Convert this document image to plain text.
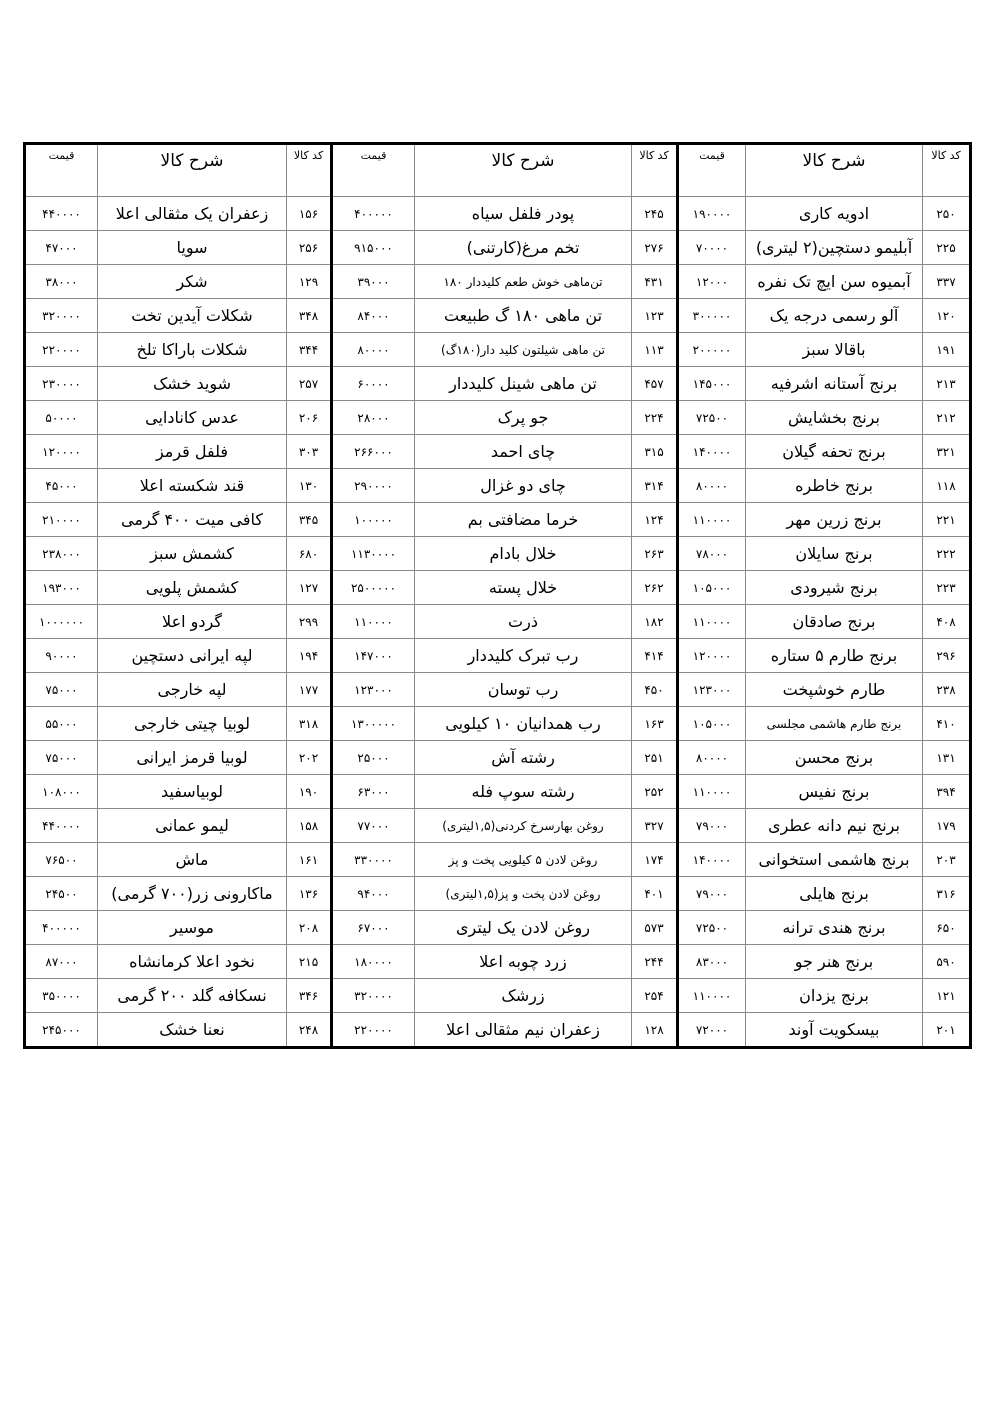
کد کالا	شرح کالا	قیمت	کد کالا	شرح کالا	قیمت	کد کالا	شرح کالا	قیمت
۲۵۰	ادویه کاری	۱۹۰۰۰۰	۲۴۵	پودر فلفل سیاه	۴۰۰۰۰۰	۱۵۶	زعفران یک مثقالی اعلا	۴۴۰۰۰۰
۲۲۵	آبلیمو دستچین(۲ لیتری)	۷۰۰۰۰	۲۷۶	تخم مرغ(کارتنی)	۹۱۵۰۰۰	۲۵۶	سویا	۴۷۰۰۰
۳۳۷	آبمیوه سن ایچ تک نفره	۱۲۰۰۰	۴۳۱	تن‌ماهی خوش طعم کلیددار ۱۸۰	۳۹۰۰۰	۱۲۹	شکر	۳۸۰۰۰
۱۲۰	آلو رسمی درجه یک	۳۰۰۰۰۰	۱۲۳	تن ماهی ۱۸۰ گ طبیعت	۸۴۰۰۰	۳۴۸	شکلات آیدین تخت	۳۲۰۰۰۰
۱۹۱	باقالا سبز	۲۰۰۰۰۰	۱۱۳	تن ماهی شیلتون کلید دار(۱۸۰گ)	۸۰۰۰۰	۳۴۴	شکلات باراکا تلخ	۲۲۰۰۰۰
۲۱۳	برنج آستانه اشرفیه	۱۴۵۰۰۰	۴۵۷	تن ماهی شینل کلیددار	۶۰۰۰۰	۲۵۷	شوید خشک	۲۳۰۰۰۰
۲۱۲	برنج بخشایش	۷۲۵۰۰	۲۲۴	جو پرک	۲۸۰۰۰	۲۰۶	عدس کانادایی	۵۰۰۰۰
۳۲۱	برنج تحفه گیلان	۱۴۰۰۰۰	۳۱۵	چای احمد	۲۶۶۰۰۰	۳۰۳	فلفل قرمز	۱۲۰۰۰۰
۱۱۸	برنج خاطره	۸۰۰۰۰	۳۱۴	چای دو غزال	۲۹۰۰۰۰	۱۳۰	قند شکسته اعلا	۴۵۰۰۰
۲۲۱	برنج زرین مهر	۱۱۰۰۰۰	۱۲۴	خرما مضافتی بم	۱۰۰۰۰۰	۳۴۵	کافی میت ۴۰۰ گرمی	۲۱۰۰۰۰
۲۲۲	برنج سایلان	۷۸۰۰۰	۲۶۳	خلال بادام	۱۱۳۰۰۰۰	۶۸۰	کشمش سبز	۲۳۸۰۰۰
۲۲۳	برنج شیرودی	۱۰۵۰۰۰	۲۶۲	خلال پسته	۲۵۰۰۰۰۰	۱۲۷	کشمش پلویی	۱۹۳۰۰۰
۴۰۸	برنج صادقان	۱۱۰۰۰۰	۱۸۲	ذرت	۱۱۰۰۰۰	۲۹۹	گردو اعلا	۱۰۰۰۰۰۰
۲۹۶	برنج طارم ۵ ستاره	۱۲۰۰۰۰	۴۱۴	رب تبرک کلیددار	۱۴۷۰۰۰	۱۹۴	لپه ایرانی دستچین	۹۰۰۰۰
۲۳۸	طارم خوشپخت	۱۲۳۰۰۰	۴۵۰	رب توسان	۱۲۳۰۰۰	۱۷۷	لپه خارجی	۷۵۰۰۰
۴۱۰	برنج طارم هاشمی مجلسی	۱۰۵۰۰۰	۱۶۳	رب همدانیان ۱۰ کیلویی	۱۳۰۰۰۰۰	۳۱۸	لوبیا چیتی خارجی	۵۵۰۰۰
۱۳۱	برنج محسن	۸۰۰۰۰	۲۵۱	رشته آش	۲۵۰۰۰	۲۰۲	لوبیا قرمز ایرانی	۷۵۰۰۰
۳۹۴	برنج نفیس	۱۱۰۰۰۰	۲۵۲	رشته سوپ فله	۶۳۰۰۰	۱۹۰	لوبیاسفید	۱۰۸۰۰۰
۱۷۹	برنج نیم دانه عطری	۷۹۰۰۰	۳۲۷	روغن بهارسرخ کردنی(۱,۵لیتری)	۷۷۰۰۰	۱۵۸	لیمو عمانی	۴۴۰۰۰۰
۲۰۳	برنج هاشمی استخوانی	۱۴۰۰۰۰	۱۷۴	روغن لادن ۵ کیلویی پخت و پز	۳۳۰۰۰۰	۱۶۱	ماش	۷۶۵۰۰
۳۱۶	برنج هایلی	۷۹۰۰۰	۴۰۱	روغن لادن پخت و پز(۱,۵لیتری)	۹۴۰۰۰	۱۳۶	ماکارونی زر(۷۰۰ گرمی)	۲۴۵۰۰
۶۵۰	برنج هندی ترانه	۷۲۵۰۰	۵۷۳	روغن لادن یک لیتری	۶۷۰۰۰	۲۰۸	موسیر	۴۰۰۰۰۰
۵۹۰	برنج هنر جو	۸۳۰۰۰	۲۴۴	زرد چوبه اعلا	۱۸۰۰۰۰	۲۱۵	نخود اعلا کرمانشاه	۸۷۰۰۰
۱۲۱	برنج یزدان	۱۱۰۰۰۰	۲۵۴	زرشک	۳۲۰۰۰۰	۳۴۶	نسکافه گلد ۲۰۰ گرمی	۳۵۰۰۰۰
۲۰۱	بیسکویت آوند	۷۲۰۰۰	۱۲۸	زعفران نیم مثقالی اعلا	۲۲۰۰۰۰	۲۴۸	نعنا خشک	۲۴۵۰۰۰
